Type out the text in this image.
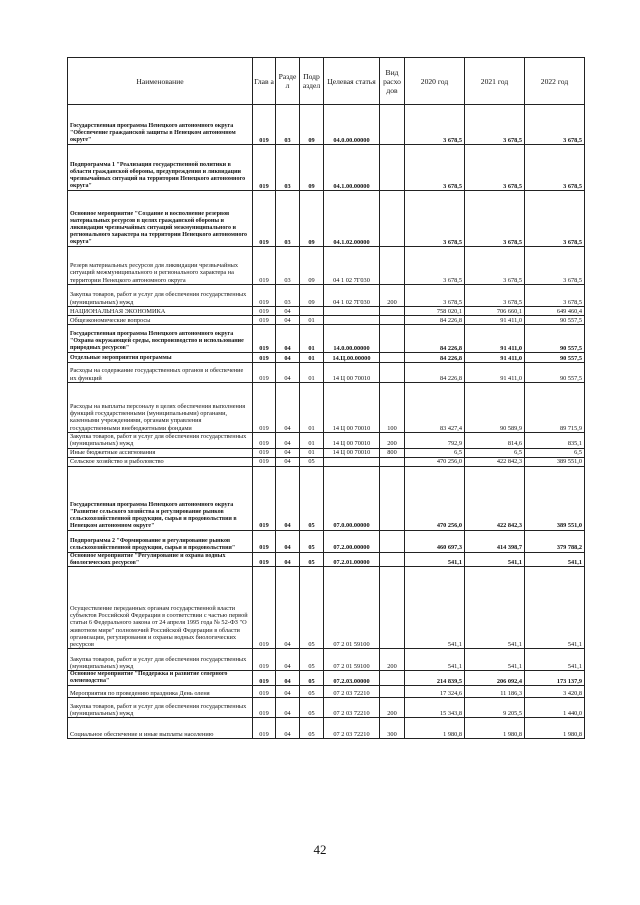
Наименование	Глав а	Разде л	Подр аздел	Целевая статья	Вид расхо дов	2020 год	2021 год	2022 год
Государственная программа Ненецкого автономного округа "Обеспечение гражданской защиты в Ненецком автономном округе"	019	03	09	04.0.00.00000		3 678,5	3 678,5	3 678,5
Подпрограмма 1 "Реализация государственной политики в области гражданской обороны, предупреждения и ликвидации чрезвычайных ситуаций на территории Ненецкого автономного округа"	019	03	09	04.1.00.00000		3 678,5	3 678,5	3 678,5
Основное мероприятие "Создание и восполнение резервов материальных ресурсов в целях гражданской обороны и ликвидации чрезвычайных ситуаций межмуниципального и регионального характера на территории Ненецкого автономного округа"	019	03	09	04.1.02.00000		3 678,5	3 678,5	3 678,5
Резерв материальных ресурсов для ликвидации чрезвычайных ситуаций межмуниципального и регионального характера на территории Ненецкого автономного округа	019	03	09	04 1 02 7Г030		3 678,5	3 678,5	3 678,5
Закупка товаров, работ и услуг для обеспечения государственных (муниципальных) нужд	019	03	09	04 1 02 7Г030	200	3 678,5	3 678,5	3 678,5
НАЦИОНАЛЬНАЯ ЭКОНОМИКА	019	04				758 020,1	706 660,1	649 460,4
Общеэкономические вопросы	019	04	01			84 226,8	91 411,0	90 557,5
Государственная программа Ненецкого автономного округа "Охрана окружающей среды, воспроизводство и использование природных ресурсов"	019	04	01	14.0.00.00000		84 226,8	91 411,0	90 557,5
Отдельные мероприятия программы	019	04	01	14.Ц.00.00000		84 226,8	91 411,0	90 557,5
Расходы на содержание государственных органов и обеспечение их функций	019	04	01	14 Ц 00 70010		84 226,8	91 411,0	90 557,5
Расходы на выплаты персоналу в целях обеспечения выполнения функций государственными (муниципальными) органами, казенными учреждениями, органами управления государственными внебюджетными фондами	019	04	01	14 Ц 00 70010	100	83 427,4	90 589,9	89 715,9
Закупка товаров, работ и услуг для обеспечения государственных (муниципальных) нужд	019	04	01	14 Ц 00 70010	200	792,9	814,6	835,1
Иные бюджетные ассигнования	019	04	01	14 Ц 00 70010	800	6,5	6,5	6,5
Сельское хозяйство и рыболовство	019	04	05			470 256,0	422 842,3	389 551,0
Государственная программа Ненецкого автономного округа "Развитие сельского хозяйства и регулирование рынков сельскохозяйственной продукции, сырья и продовольствия в Ненецком автономном округе"	019	04	05	07.0.00.00000		470 256,0	422 842,3	389 551,0
Подпрограмма 2 "Формирование и регулирование рынков сельскохозяйственной продукции, сырья и продовольствия"	019	04	05	07.2.00.00000		460 697,3	414 398,7	379 788,2
Основное мероприятие "Регулирование и охрана водных биологических ресурсов"	019	04	05	07.2.01.00000		541,1	541,1	541,1
Осуществление переданных органам государственной власти субъектов Российской Федерации в соответствии с частью первой статьи 6 Федерального закона от 24 апреля 1995 года № 52-ФЗ "О животном мире" полномочий Российской Федерации в области организации, регулирования и охраны водных биологических ресурсов	019	04	05	07 2 01 59100		541,1	541,1	541,1
Закупка товаров, работ и услуг для обеспечения государственных (муниципальных) нужд	019	04	05	07 2 01 59100	200	541,1	541,1	541,1
Основное мероприятие "Поддержка и развитие северного оленеводства"	019	04	05	07.2.03.00000		214 839,5	206 092,4	173 137,9
Мероприятия по проведению праздника День оленя	019	04	05	07 2 03 72210		17 324,6	11 186,3	3 420,8
Закупка товаров, работ и услуг для обеспечения государственных (муниципальных) нужд	019	04	05	07 2 03 72210	200	15 343,8	9 205,5	1 440,0
Социальное обеспечение и иные выплаты населению	019	04	05	07 2 03 72210	300	1 980,8	1 980,8	1 980,8
42
